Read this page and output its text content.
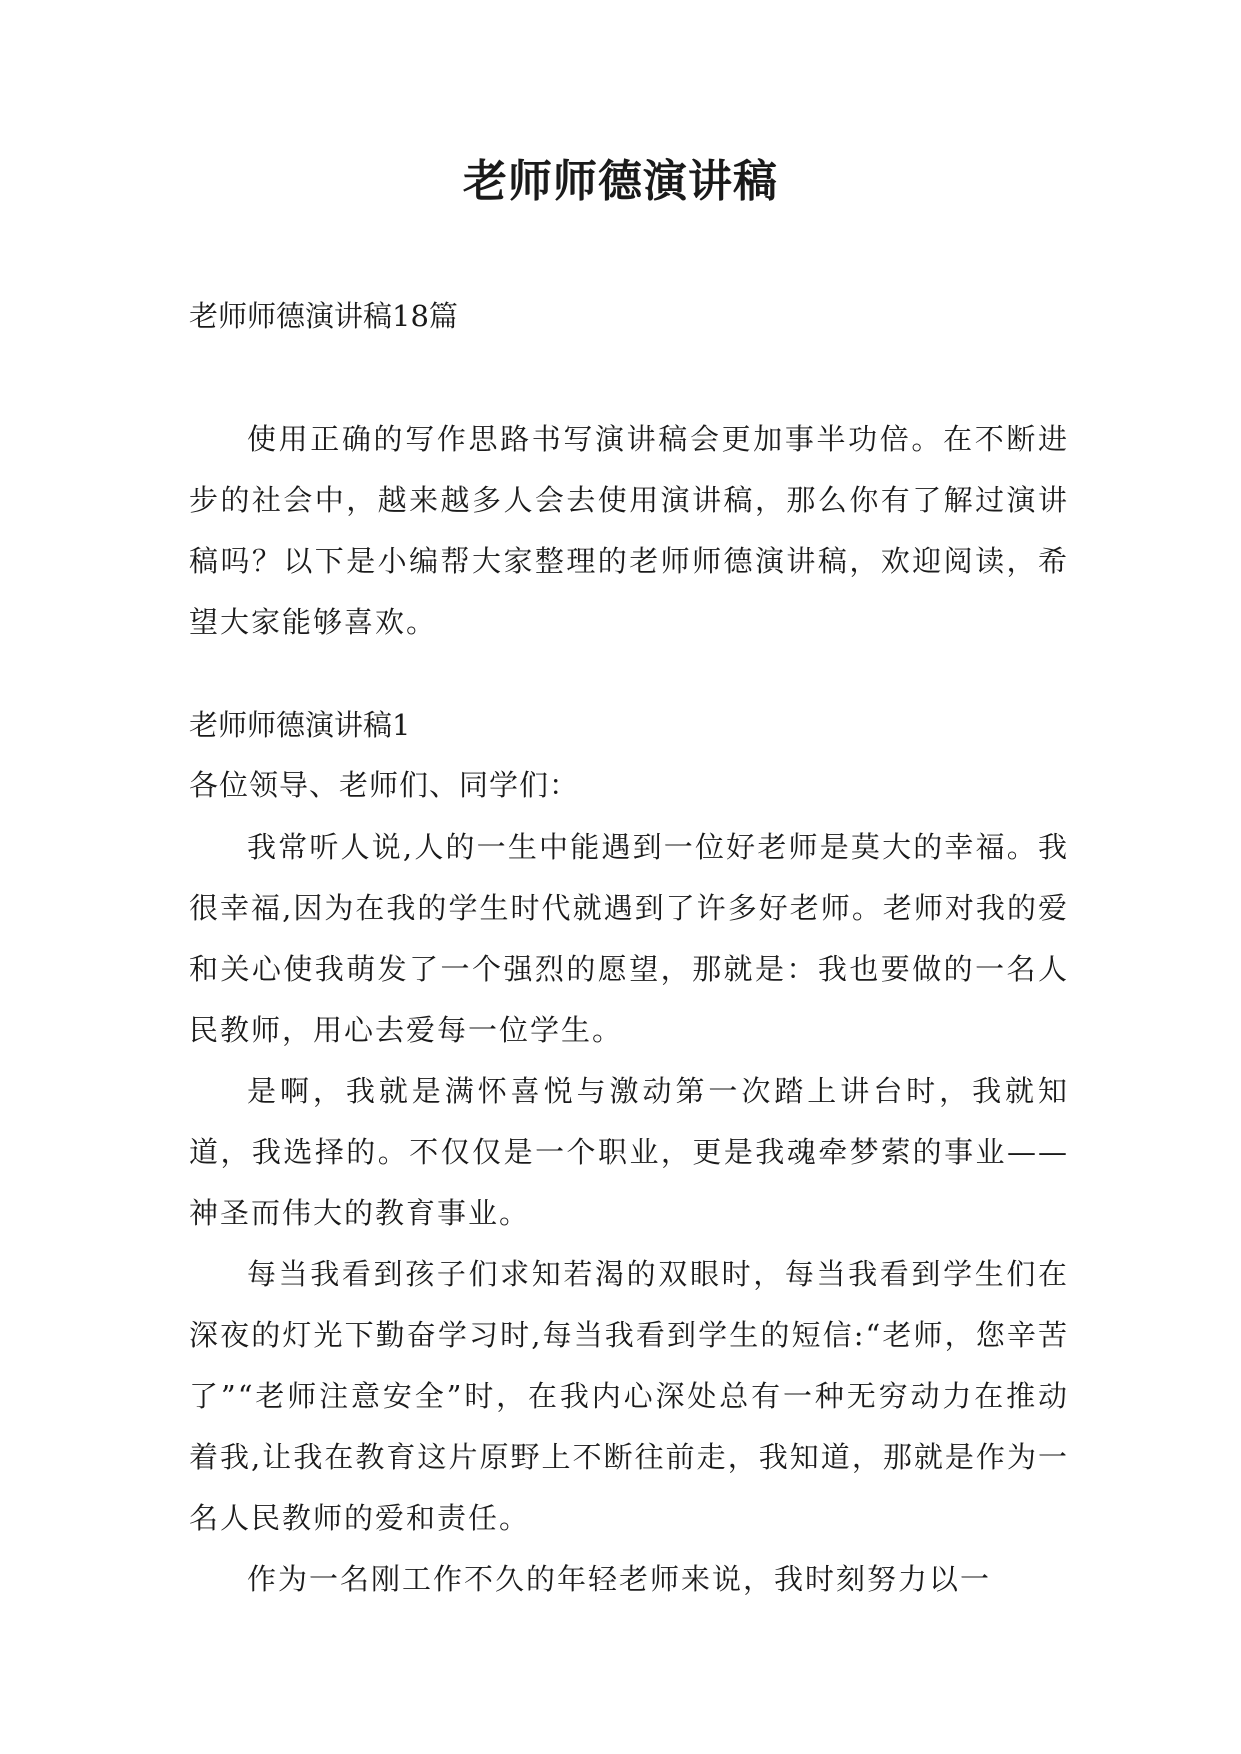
老师师德演讲稿
老师师德演讲稿18篇

使用正确的写作思路书写演讲稿会更加事半功倍。在不断进步的社会中，越来越多人会去使用演讲稿，那么你有了解过演讲稿吗？以下是小编帮大家整理的老师师德演讲稿，欢迎阅读，希望大家能够喜欢。

老师师德演讲稿1
各位领导、老师们、同学们：

我常听人说,人的一生中能遇到一位好老师是莫大的幸福。我很幸福,因为在我的学生时代就遇到了许多好老师。老师对我的爱和关心使我萌发了一个强烈的愿望，那就是：我也要做的一名人民教师，用心去爱每一位学生。

是啊，我就是满怀喜悦与激动第一次踏上讲台时，我就知道，我选择的。不仅仅是一个职业，更是我魂牵梦萦的事业——神圣而伟大的教育事业。

每当我看到孩子们求知若渴的双眼时，每当我看到学生们在深夜的灯光下勤奋学习时,每当我看到学生的短信:“老师，您辛苦了”“老师注意安全”时，在我内心深处总有一种无穷动力在推动着我,让我在教育这片原野上不断往前走，我知道，那就是作为一名人民教师的爱和责任。

作为一名刚工作不久的年轻老师来说，我时刻努力以一
